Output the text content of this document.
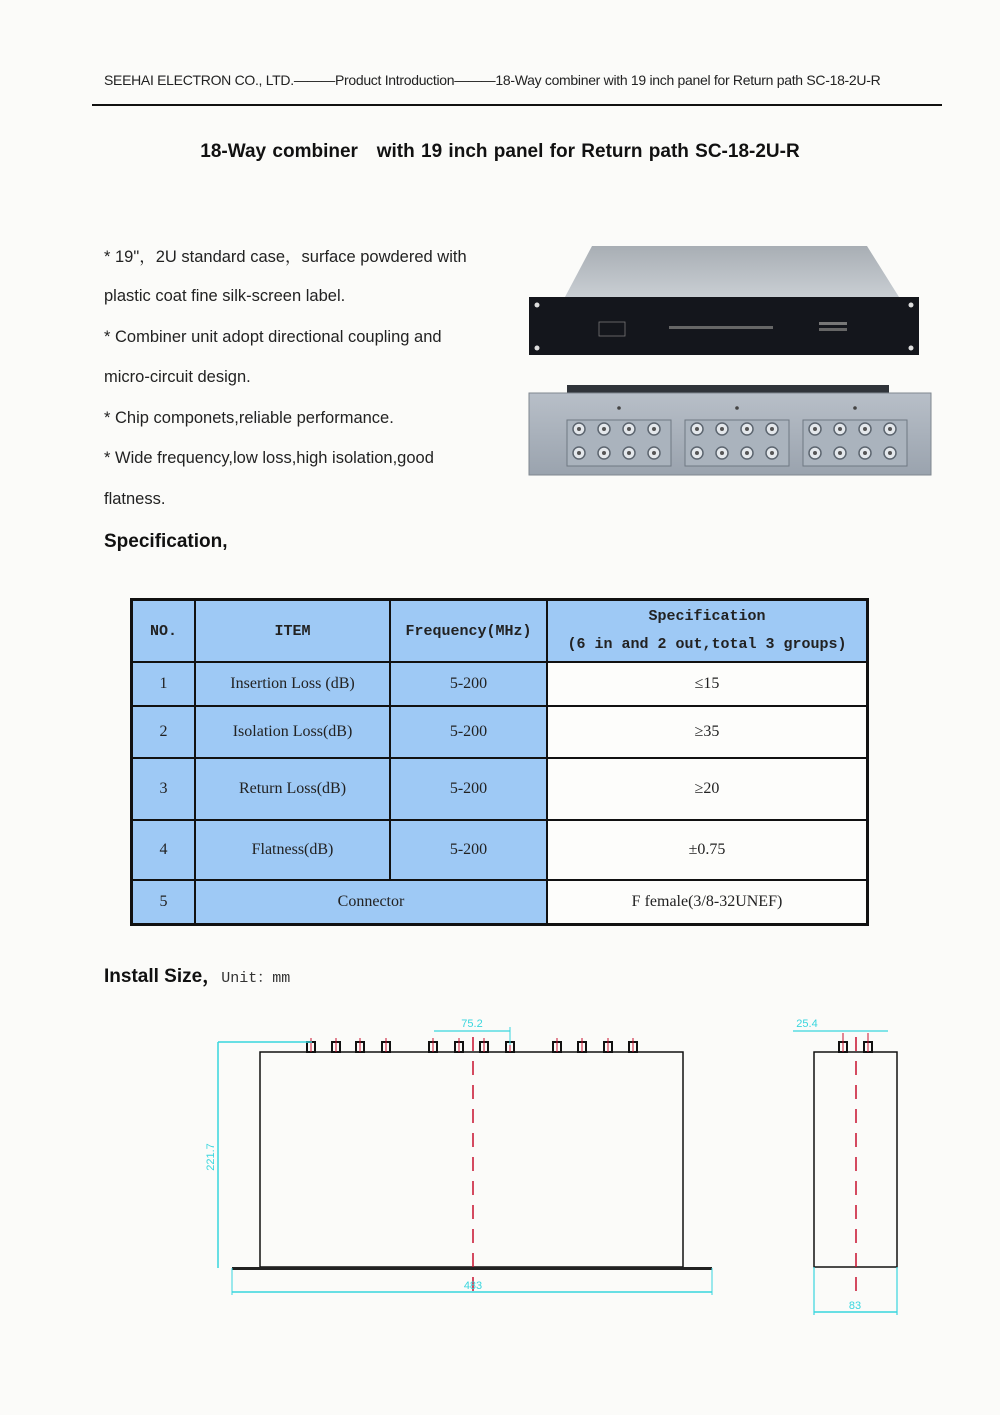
SEEHAI ELECTRON CO., LTD.———Product Introduction———18-Way combiner with 19 inch panel for Return path SC-18-2U-R
18-Way combiner   with 19 inch panel for Return path SC-18-2U-R
* 19"，2U standard case，surface powdered with
plastic coat fine silk-screen label.
* Combiner unit adopt directional coupling and
micro-circuit design.
* Chip componets,reliable performance.
* Wide frequency,low loss,high isolation,good
flatness.
Specification,
NO.	ITEM	Frequency(MHz)	Specification
(6 in and 2 out,total 3 groups)

1	Insertion Loss (dB)	5-200	≤15
2	Isolation Loss(dB)	5-200	≥35
3	Return Loss(dB)	5-200	≥20
4	Flatness(dB)	5-200	±0.75
5	Connector		F female(3/8-32UNEF)
Install Size，Unit：mm
221.7
483
75.2	25.4
83
